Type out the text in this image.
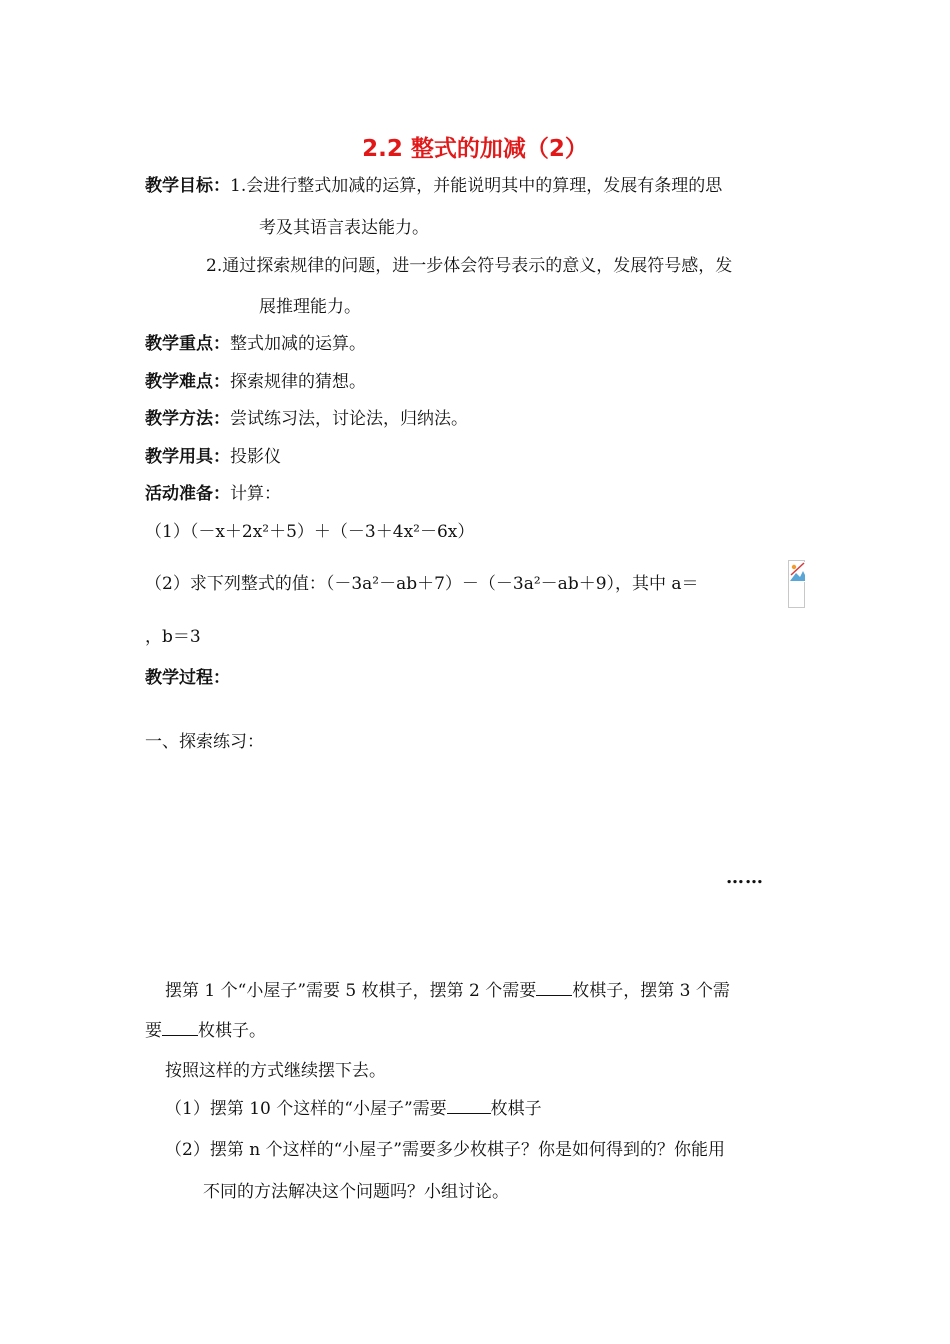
2.2 整式的加减（2）
教学目标：1.会进行整式加减的运算，并能说明其中的算理，发展有条理的思
考及其语言表达能力。
2.通过探索规律的问题，进一步体会符号表示的意义，发展符号感，发
展推理能力。
教学重点：整式加减的运算。
教学难点：探索规律的猜想。
教学方法：尝试练习法，讨论法，归纳法。
教学用具：投影仪
活动准备：计算：
（1）（－x＋2x²＋5）＋（－3＋4x²－6x）
（2）求下列整式的值：（－3a²－ab＋7）－（－3a²－ab＋9），其中 a＝
，b＝3
教学过程：
一、探索练习：
……
摆第 1 个“小屋子”需要 5 枚棋子，摆第 2 个需要 枚棋子，摆第 3 个需
要 枚棋子。
按照这样的方式继续摆下去。
（1）摆第 10 个这样的“小屋子”需要	枚棋子
（2）摆第 n 个这样的“小屋子”需要多少枚棋子？你是如何得到的？你能用
不同的方法解决这个问题吗？小组讨论。
